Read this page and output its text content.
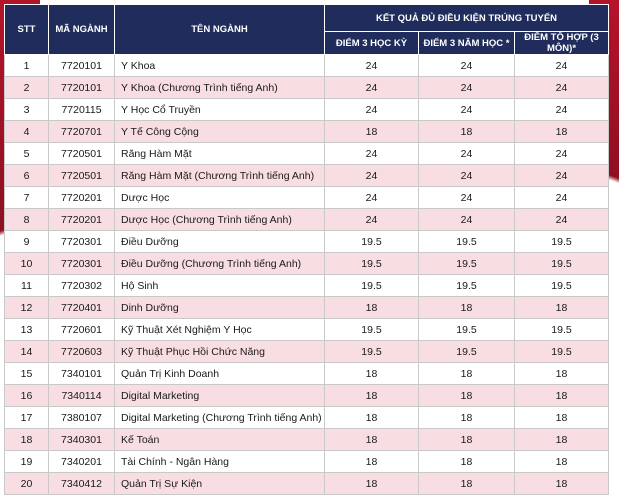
STT	MÃ NGÀNH	TÊN NGÀNH	KẾT QUẢ ĐỦ ĐIỀU KIỆN TRÚNG TUYỂN		
			ĐIỂM 3 HỌC KỲ	ĐIỂM 3 NĂM HỌC *	ĐIỂM TỔ HỢP (3 MÔN)*
1	7720101	Y Khoa	24	24	24
2	7720101	Y Khoa (Chương Trình tiếng Anh)	24	24	24
3	7720115	Y Học Cổ Truyền	24	24	24
4	7720701	Y Tế Công Cộng	18	18	18
5	7720501	Răng Hàm Mặt	24	24	24
6	7720501	Răng Hàm Mặt (Chương Trình tiếng Anh)	24	24	24
7	7720201	Dược Học	24	24	24
8	7720201	Dược Học (Chương Trình tiếng Anh)	24	24	24
9	7720301	Điều Dưỡng	19.5	19.5	19.5
10	7720301	Điều Dưỡng (Chương Trình tiếng Anh)	19.5	19.5	19.5
11	7720302	Hộ Sinh	19.5	19.5	19.5
12	7720401	Dinh Dưỡng	18	18	18
13	7720601	Kỹ Thuật Xét Nghiệm Y Học	19.5	19.5	19.5
14	7720603	Kỹ Thuật Phục Hồi Chức Năng	19.5	19.5	19.5
15	7340101	Quản Trị Kinh Doanh	18	18	18
16	7340114	Digital Marketing	18	18	18
17	7380107	Digital Marketing (Chương Trình tiếng Anh)	18	18	18
18	7340301	Kế Toán	18	18	18
19	7340201	Tài Chính - Ngân Hàng	18	18	18
20	7340412	Quản Trị Sự Kiện	18	18	18
